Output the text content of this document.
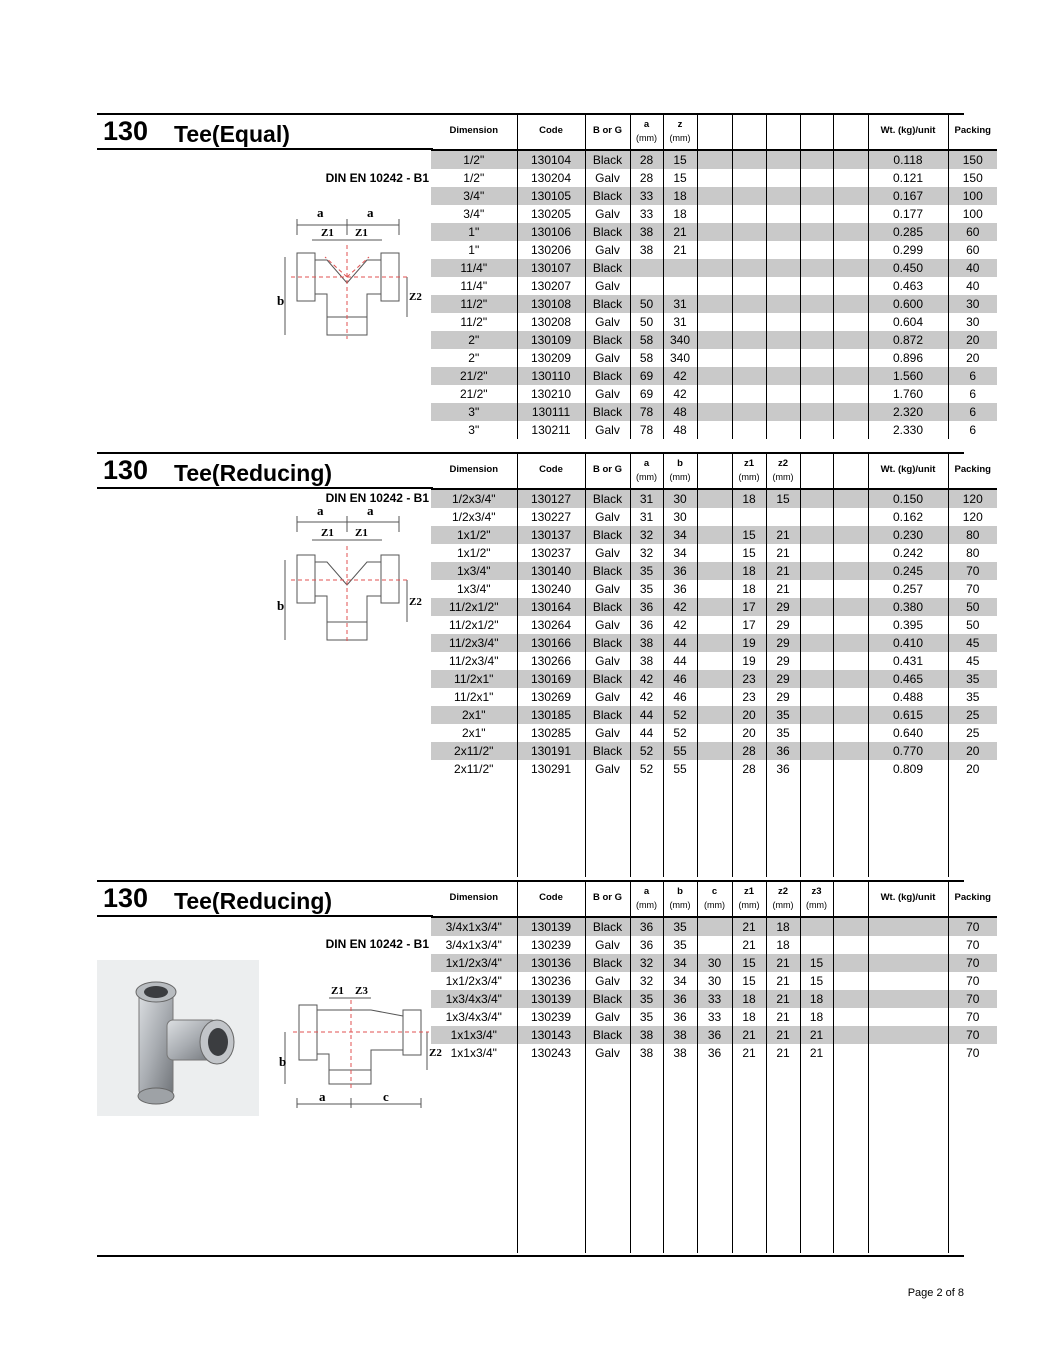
130 Tee(Equal)
DIN EN 10242 - B1
a	a
Z1 Z1
b	Z2
Dimension	Code	B or G	a
(mm)	z
(mm)						Wt. (kg)/unit	Packing

1/2"	130104	Black	28	15						0.118	150
1/2"	130204	Galv	28	15						0.121	150
3/4"	130105	Black	33	18						0.167	100
3/4"	130205	Galv	33	18						0.177	100
1"	130106	Black	38	21						0.285	60
1"	130206	Galv	38	21						0.299	60
11/4"	130107	Black								0.450	40
11/4"	130207	Galv								0.463	40
11/2"	130108	Black	50	31						0.600	30
11/2"	130208	Galv	50	31						0.604	30
2"	130109	Black	58	340						0.872	20
2"	130209	Galv	58	340						0.896	20
21/2"	130110	Black	69	42						1.560	6
21/2"	130210	Galv	69	42						1.760	6
3"	130111	Black	78	48						2.320	6
3"	130211	Galv	78	48						2.330	6
130 Tee(Reducing)
DIN EN 10242 - B1
a	a
Z1 Z1
b	Z2
Dimension	Code	B or G	a
(mm)	b
(mm)		z1
(mm)	z2
(mm)			Wt. (kg)/unit	Packing

1/2x3/4"	130127	Black	31	30		18	15			0.150	120
1/2x3/4"	130227	Galv	31	30						0.162	120
1x1/2"	130137	Black	32	34		15	21			0.230	80
1x1/2"	130237	Galv	32	34		15	21			0.242	80
1x3/4"	130140	Black	35	36		18	21			0.245	70
1x3/4"	130240	Galv	35	36		18	21			0.257	70
11/2x1/2"	130164	Black	36	42		17	29			0.380	50
11/2x1/2"	130264	Galv	36	42		17	29			0.395	50
11/2x3/4"	130166	Black	38	44		19	29			0.410	45
11/2x3/4"	130266	Galv	38	44		19	29			0.431	45
11/2x1"	130169	Black	42	46		23	29			0.465	35
11/2x1"	130269	Galv	42	46		23	29			0.488	35
2x1"	130185	Black	44	52		20	35			0.615	25
2x1"	130285	Galv	44	52		20	35			0.640	25
2x11/2"	130191	Black	52	55		28	36			0.770	20
2x11/2"	130291	Galv	52	55		28	36			0.809	20

130 Tee(Reducing)
DIN EN 10242 - B1
Z1 Z3
b
Z2
a	c
Dimension	Code	B or G	a
(mm)	b
(mm)	c
(mm)	z1
(mm)	z2
(mm)	z3
(mm)		Wt. (kg)/unit	Packing

3/4x1x3/4"	130139	Black	36	35		21	18				70
3/4x1x3/4"	130239	Galv	36	35		21	18				70
1x1/2x3/4"	130136	Black	32	34	30	15	21	15			70
1x1/2x3/4"	130236	Galv	32	34	30	15	21	15			70
1x3/4x3/4"	130139	Black	35	36	33	18	21	18			70
1x3/4x3/4"	130239	Galv	35	36	33	18	21	18			70
1x1x3/4"	130143	Black	38	38	36	21	21	21			70
1x1x3/4"	130243	Galv	38	38	36	21	21	21			70

Page 2 of 8
